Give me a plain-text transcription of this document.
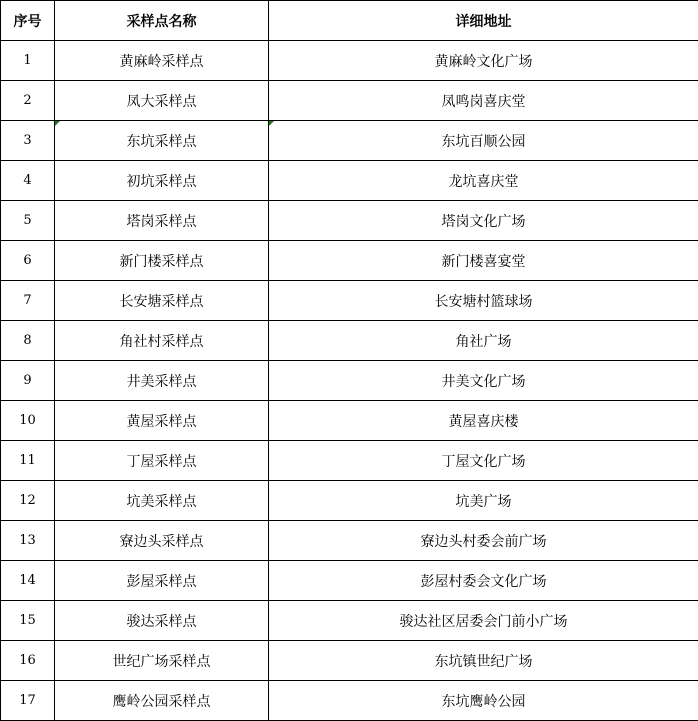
序号	采样点名称	详细地址
1	黄麻岭采样点	黄麻岭文化广场
2	凤大采样点	凤鸣岗喜庆堂
3	东坑采样点	东坑百顺公园
4	初坑采样点	龙坑喜庆堂
5	塔岗采样点	塔岗文化广场
6	新门楼采样点	新门楼喜宴堂
7	长安塘采样点	长安塘村篮球场
8	角社村采样点	角社广场
9	井美采样点	井美文化广场
10	黄屋采样点	黄屋喜庆楼
11	丁屋采样点	丁屋文化广场
12	坑美采样点	坑美广场
13	寮边头采样点	寮边头村委会前广场
14	彭屋采样点	彭屋村委会文化广场
15	骏达采样点	骏达社区居委会门前小广场
16	世纪广场采样点	东坑镇世纪广场
17	鹰岭公园采样点	东坑鹰岭公园
